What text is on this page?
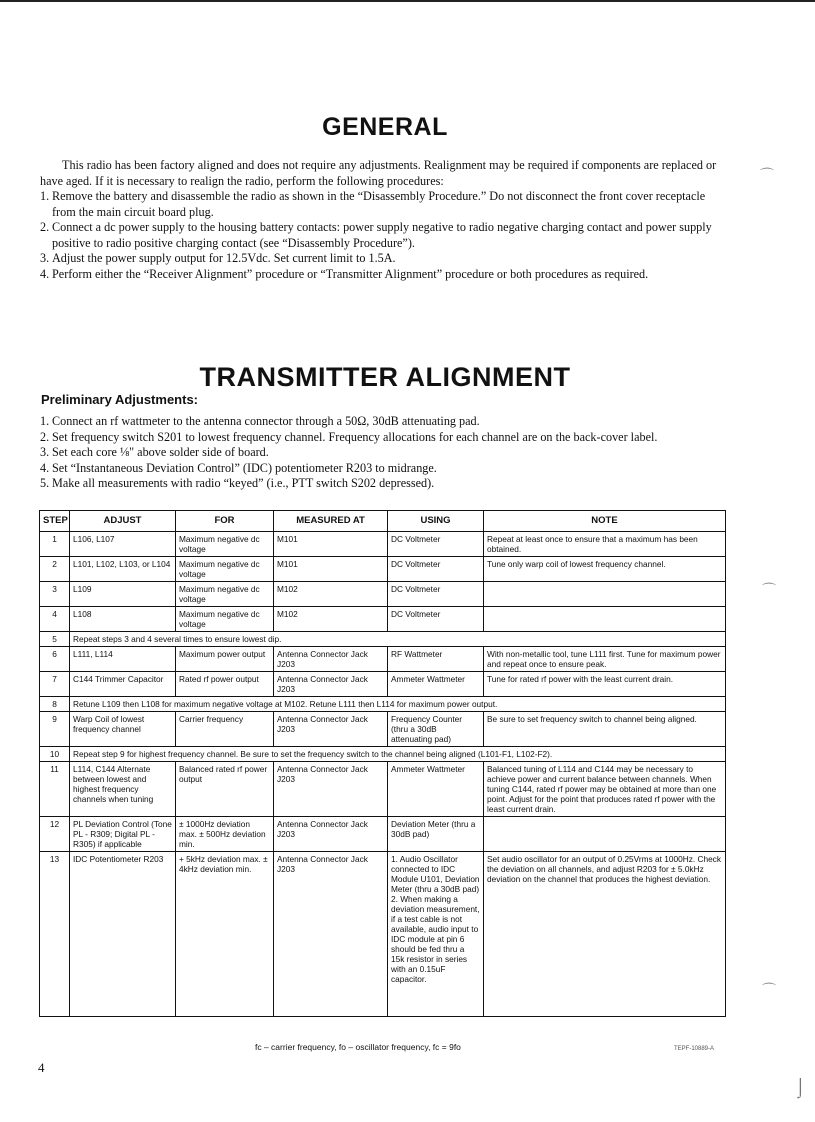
GENERAL
This radio has been factory aligned and does not require any adjustments. Realignment may be required if components are replaced or have aged. If it is necessary to realign the radio, perform the following procedures:
1. Remove the battery and disassemble the radio as shown in the “Disassembly Procedure.” Do not disconnect the front cover receptacle from the main circuit board plug.
2. Connect a dc power supply to the housing battery contacts: power supply negative to radio negative charging contact and power supply positive to radio positive charging contact (see “Disassembly Procedure”).
3. Adjust the power supply output for 12.5Vdc. Set current limit to 1.5A.
4. Perform either the “Receiver Alignment” procedure or “Transmitter Alignment” procedure or both procedures as required.
TRANSMITTER ALIGNMENT
Preliminary Adjustments:
1. Connect an rf wattmeter to the antenna connector through a 50Ω, 30dB attenuating pad.
2. Set frequency switch S201 to lowest frequency channel. Frequency allocations for each channel are on the back-cover label.
3. Set each core ⅛" above solder side of board.
4. Set “Instantaneous Deviation Control” (IDC) potentiometer R203 to midrange.
5. Make all measurements with radio “keyed” (i.e., PTT switch S202 depressed).
STEP	ADJUST	FOR	MEASURED AT	USING	NOTE
1	L106, L107	Maximum negative dc voltage	M101	DC Voltmeter	Repeat at least once to ensure that a maximum has been obtained.
2	L101, L102, L103, or L104	Maximum negative dc voltage	M101	DC Voltmeter	Tune only warp coil of lowest frequency channel.
3	L109	Maximum negative dc voltage	M102	DC Voltmeter	
4	L108	Maximum negative dc voltage	M102	DC Voltmeter	
5	Repeat steps 3 and 4 several times to ensure lowest dip.				
6	L111, L114	Maximum power output	Antenna Connector Jack J203	RF Wattmeter	With non-metallic tool, tune L111 first. Tune for maximum power and repeat once to ensure peak.
7	C144 Trimmer Capacitor	Rated rf power output	Antenna Connector Jack J203	Ammeter Wattmeter	Tune for rated rf power with the least current drain.
8	Retune L109 then L108 for maximum negative voltage at M102. Retune L111 then L114 for maximum power output.				
9	Warp Coil of lowest frequency channel	Carrier frequency	Antenna Connector Jack J203	Frequency Counter (thru a 30dB attenuating pad)	Be sure to set frequency switch to channel being aligned.
10	Repeat step 9 for highest frequency channel. Be sure to set the frequency switch to the channel being aligned (L101-F1, L102-F2).				
11	L114, C144 Alternate between lowest and highest frequency channels when tuning	Balanced rated rf power output	Antenna Connector Jack J203	Ammeter Wattmeter	Balanced tuning of L114 and C144 may be necessary to achieve power and current balance between channels. When tuning C144, rated rf power may be obtained at more than one point. Adjust for the point that produces rated rf power with the least current drain.
12	PL Deviation Control (Tone PL - R309; Digital PL - R305) if applicable	± 1000Hz deviation max. ± 500Hz deviation min.	Antenna Connector Jack J203	Deviation Meter (thru a 30dB pad)	
13	IDC Potentiometer R203	+ 5kHz deviation max. ± 4kHz deviation min.	Antenna Connector Jack J203	1. Audio Oscillator connected to IDC Module U101, Deviation Meter (thru a 30dB pad) 2. When making a deviation measurement, if a test cable is not available, audio input to IDC module at pin 6 should be fed thru a 15k resistor in series with an 0.15uF capacitor.	Set audio oscillator for an output of 0.25Vrms at 1000Hz. Check the deviation on all channels, and adjust R203 for ± 5.0kHz deviation on the channel that produces the highest deviation.
fc – carrier frequency, fo – oscillator frequency, fc = 9fo	TEPF-10889-A
4
⌒
⌒
⌒
⌡
